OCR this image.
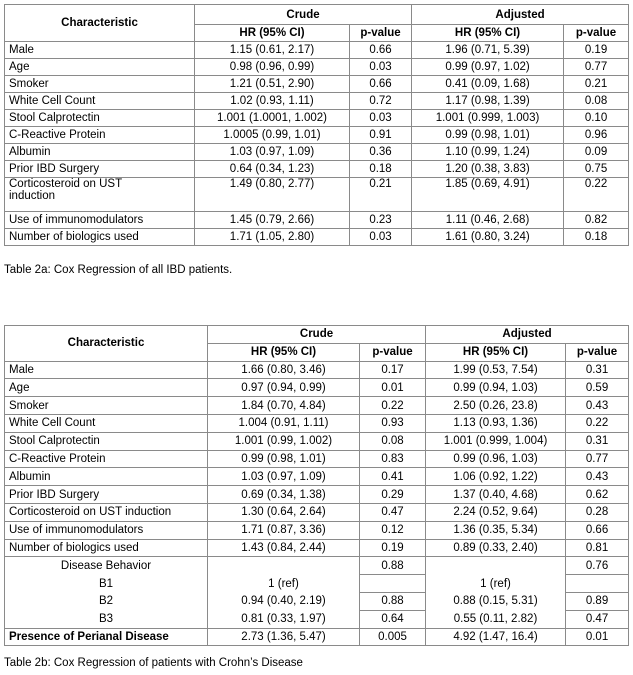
Characteristic	Crude		Adjusted	
	HR (95% CI)	p-value	HR (95% CI)	p-value
Male	1.15 (0.61, 2.17)	0.66	1.96 (0.71, 5.39)	0.19
Age	0.98 (0.96, 0.99)	0.03	0.99 (0.97, 1.02)	0.77
Smoker	1.21 (0.51, 2.90)	0.66	0.41 (0.09, 1.68)	0.21
White Cell Count	1.02 (0.93, 1.11)	0.72	1.17 (0.98, 1.39)	0.08
Stool Calprotectin	1.001 (1.0001, 1.002)	0.03	1.001 (0.999, 1.003)	0.10
C-Reactive Protein	1.0005 (0.99, 1.01)	0.91	0.99 (0.98, 1.01)	0.96
Albumin	1.03 (0.97, 1.09)	0.36	1.10 (0.99, 1.24)	0.09
Prior IBD Surgery	0.64 (0.34, 1.23)	0.18	1.20 (0.38, 3.83)	0.75

Corticosteroid on UST
induction	1.49 (0.80, 2.77)	0.21	1.85 (0.69, 4.91)	0.22
Use of immunomodulators	1.45 (0.79, 2.66)	0.23	1.11 (0.46, 2.68)	0.82
Number of biologics used	1.71 (1.05, 2.80)	0.03	1.61 (0.80, 3.24)	0.18
Table 2a: Cox Regression of all IBD patients.
Characteristic	Crude		Adjusted	
	HR (95% CI)	p-value	HR (95% CI)	p-value
Male	1.66 (0.80, 3.46)	0.17	1.99 (0.53, 7.54)	0.31
Age	0.97 (0.94, 0.99)	0.01	0.99 (0.94, 1.03)	0.59
Smoker	1.84 (0.70, 4.84)	0.22	2.50 (0.26, 23.8)	0.43
White Cell Count	1.004 (0.91, 1.11)	0.93	1.13 (0.93, 1.36)	0.22
Stool Calprotectin	1.001 (0.99, 1.002)	0.08	1.001 (0.999, 1.004)	0.31
C-Reactive Protein	0.99 (0.98, 1.01)	0.83	0.99 (0.96, 1.03)	0.77
Albumin	1.03 (0.97, 1.09)	0.41	1.06 (0.92, 1.22)	0.43
Prior IBD Surgery	0.69 (0.34, 1.38)	0.29	1.37 (0.40, 4.68)	0.62
Corticosteroid on UST induction	1.30 (0.64, 2.64)	0.47	2.24 (0.52, 9.64)	0.28
Use of immunomodulators	1.71 (0.87, 3.36)	0.12	1.36 (0.35, 5.34)	0.66
Number of biologics used	1.43 (0.84, 2.44)	0.19	0.89 (0.33, 2.40)	0.81
Disease Behavior		0.88		0.76
B1	1 (ref)		1 (ref)	
B2	0.94 (0.40, 2.19)	0.88	0.88 (0.15, 5.31)	0.89
B3	0.81 (0.33, 1.97)	0.64	0.55 (0.11, 2.82)	0.47
Presence of Perianal Disease	2.73 (1.36, 5.47)	0.005	4.92 (1.47, 16.4)	0.01
Table 2b: Cox Regression of patients with Crohn’s Disease
